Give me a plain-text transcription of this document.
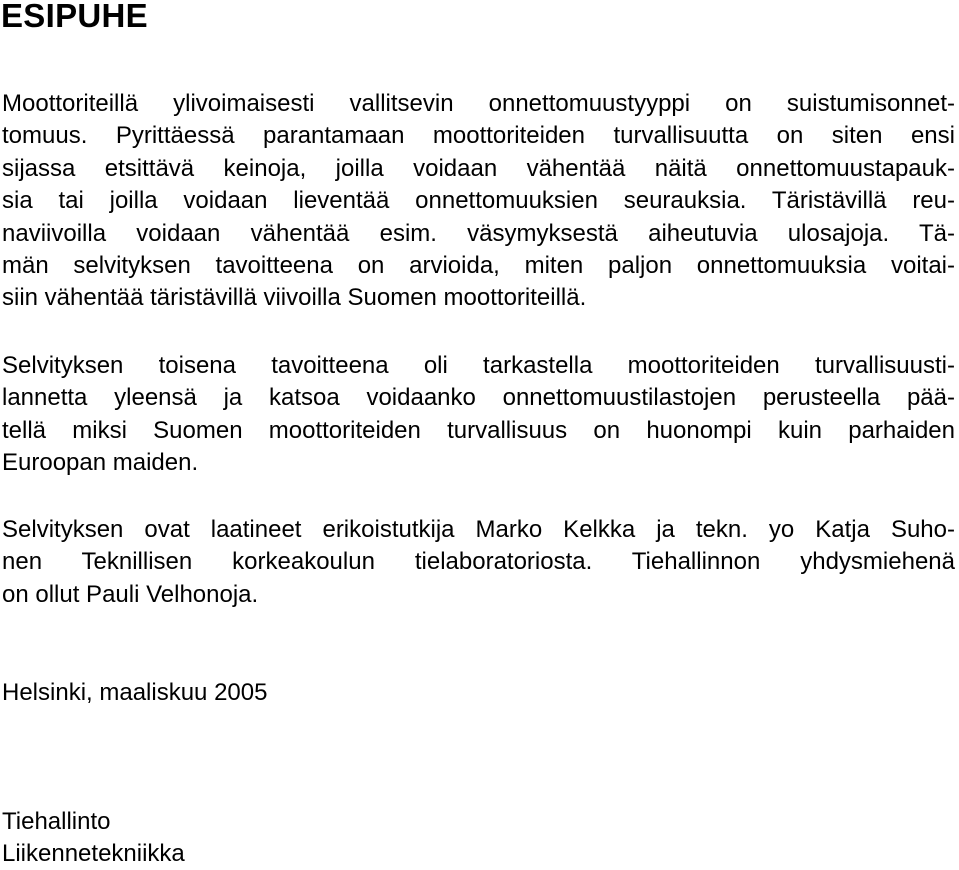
ESIPUHE

Moottoriteillä ylivoimaisesti vallitsevin onnettomuustyyppi on suistumisonnet-
tomuus. Pyrittäessä parantamaan moottoriteiden turvallisuutta on siten ensi
sijassa etsittävä keinoja, joilla voidaan vähentää näitä onnettomuustapauk-
sia tai joilla voidaan lieventää onnettomuuksien seurauksia. Täristävillä reu-
naviivoilla voidaan vähentää esim. väsymyksestä aiheutuvia ulosajoja. Tä-
män selvityksen tavoitteena on arvioida, miten paljon onnettomuuksia voitai-
siin vähentää täristävillä viivoilla Suomen moottoriteillä.

Selvityksen toisena tavoitteena oli tarkastella moottoriteiden turvallisuusti-
lannetta yleensä ja katsoa voidaanko onnettomuustilastojen perusteella pää-
tellä miksi Suomen moottoriteiden turvallisuus on huonompi kuin parhaiden
Euroopan maiden.

Selvityksen ovat laatineet erikoistutkija Marko Kelkka ja tekn. yo Katja Suho-
nen Teknillisen korkeakoulun tielaboratoriosta. Tiehallinnon yhdysmiehenä
on ollut Pauli Velhonoja.

Helsinki, maaliskuu 2005

Tiehallinto

Liikennetekniikka
